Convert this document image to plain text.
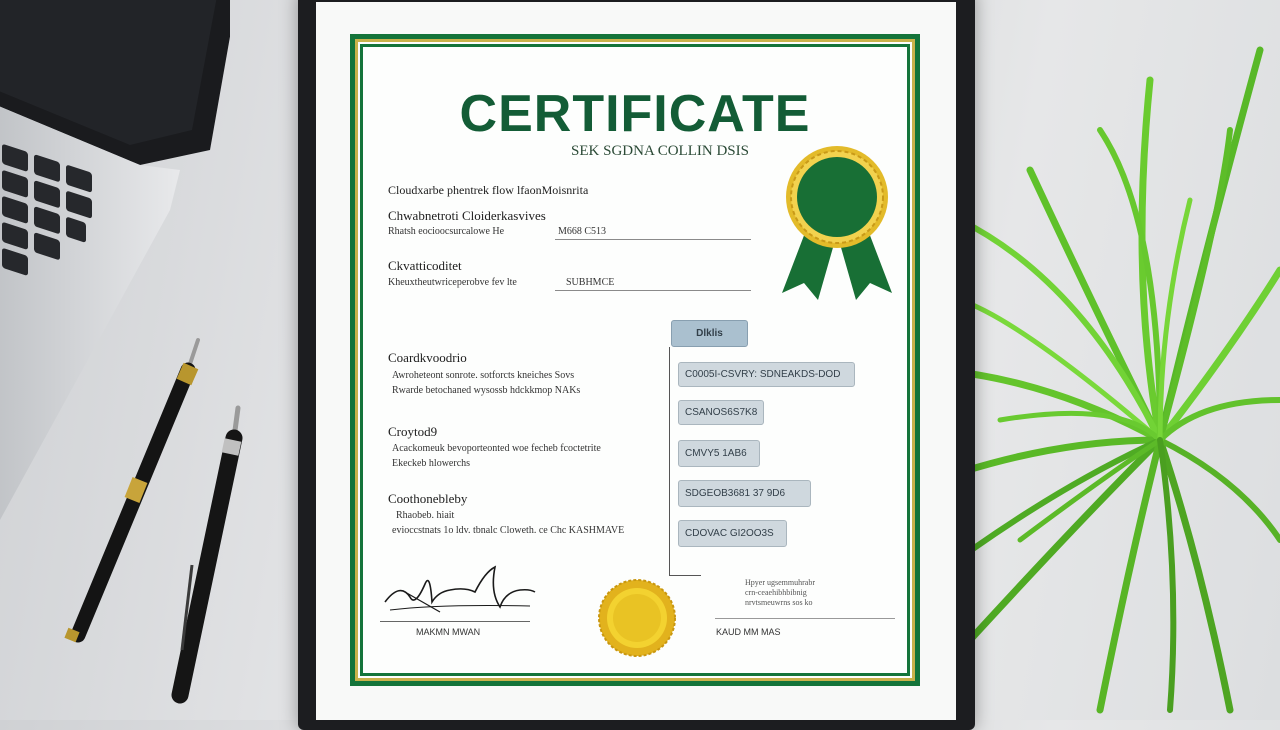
CERTIFICATE
SEK SGDNA COLLIN DSIS
Cloudxarbe phentrek flow lfaonMoisnrita
Chwabnetroti Cloiderkasvives
Rhatsh eocioocsurcalowe He	M668 C513
Ckvatticoditet
Kheuxtheutwriceperobve fev lte	SUBHMCE
Coardkvoodrio
Awroheteont sonrote. sotforcts kneiches Sovs
Rwarde betochaned wysossb hdckkmop NAKs
Croytod9
Acackomeuk bevoporteonted woe fecheb fcoctetrite
Ekeckeb hlowerchs
Coothonebleby
Rhaobeb. hiait
evioccstnats 1o ldv. tbnalc Cloweth. ce Chc KASHMAVE
Dlklis
C0005I-CSVRY: SDNEAKDS-DOD
CSANOS6S7K8
CMVY5 1AB6
SDGEOB3681 37 9D6
CDOVAC GI2OO3S
MAKMN MWAN
Hpyer ugsemmuhrabr
crn-ceaehibhbibnig
nrvtsmeuwrns sos ko
KAUD MM MAS
